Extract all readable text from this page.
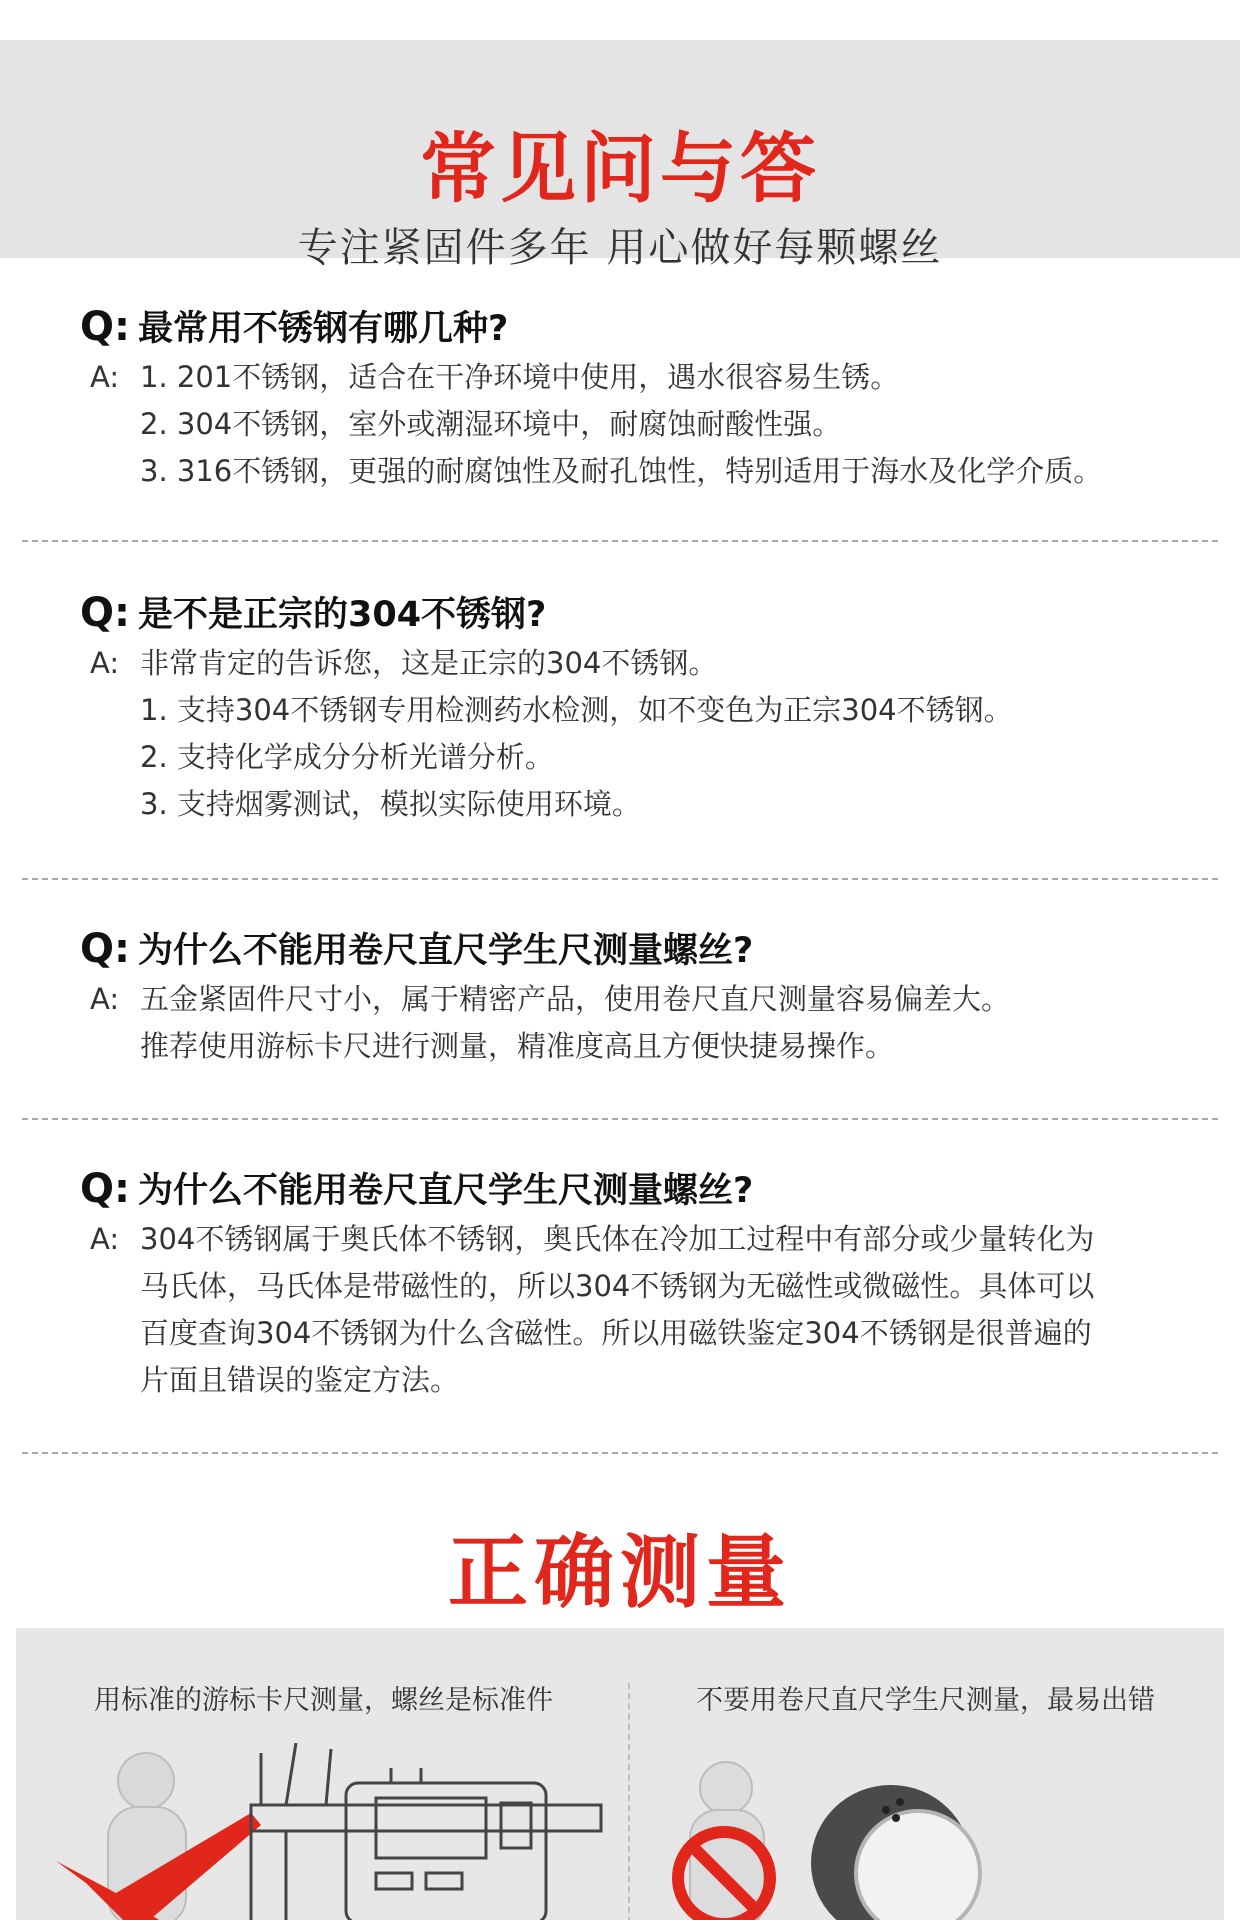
常见问与答
专注紧固件多年 用心做好每颗螺丝
Q: 最常用不锈钢有哪几种?
A: 1. 201不锈钢，适合在干净环境中使用，遇水很容易生锈。
2. 304不锈钢，室外或潮湿环境中，耐腐蚀耐酸性强。
3. 316不锈钢，更强的耐腐蚀性及耐孔蚀性，特别适用于海水及化学介质。
Q: 是不是正宗的304不锈钢?
A: 非常肯定的告诉您，这是正宗的304不锈钢。
1. 支持304不锈钢专用检测药水检测，如不变色为正宗304不锈钢。
2. 支持化学成分分析光谱分析。
3. 支持烟雾测试，模拟实际使用环境。
Q: 为什么不能用卷尺直尺学生尺测量螺丝?
A: 五金紧固件尺寸小，属于精密产品，使用卷尺直尺测量容易偏差大。
推荐使用游标卡尺进行测量，精准度高且方便快捷易操作。
Q: 为什么不能用卷尺直尺学生尺测量螺丝?
A: 304不锈钢属于奥氏体不锈钢，奥氏体在冷加工过程中有部分或少量转化为
马氏体，马氏体是带磁性的，所以304不锈钢为无磁性或微磁性。具体可以
百度查询304不锈钢为什么含磁性。所以用磁铁鉴定304不锈钢是很普遍的
片面且错误的鉴定方法。
正确测量
用标准的游标卡尺测量，螺丝是标准件	不要用卷尺直尺学生尺测量，最易出错
